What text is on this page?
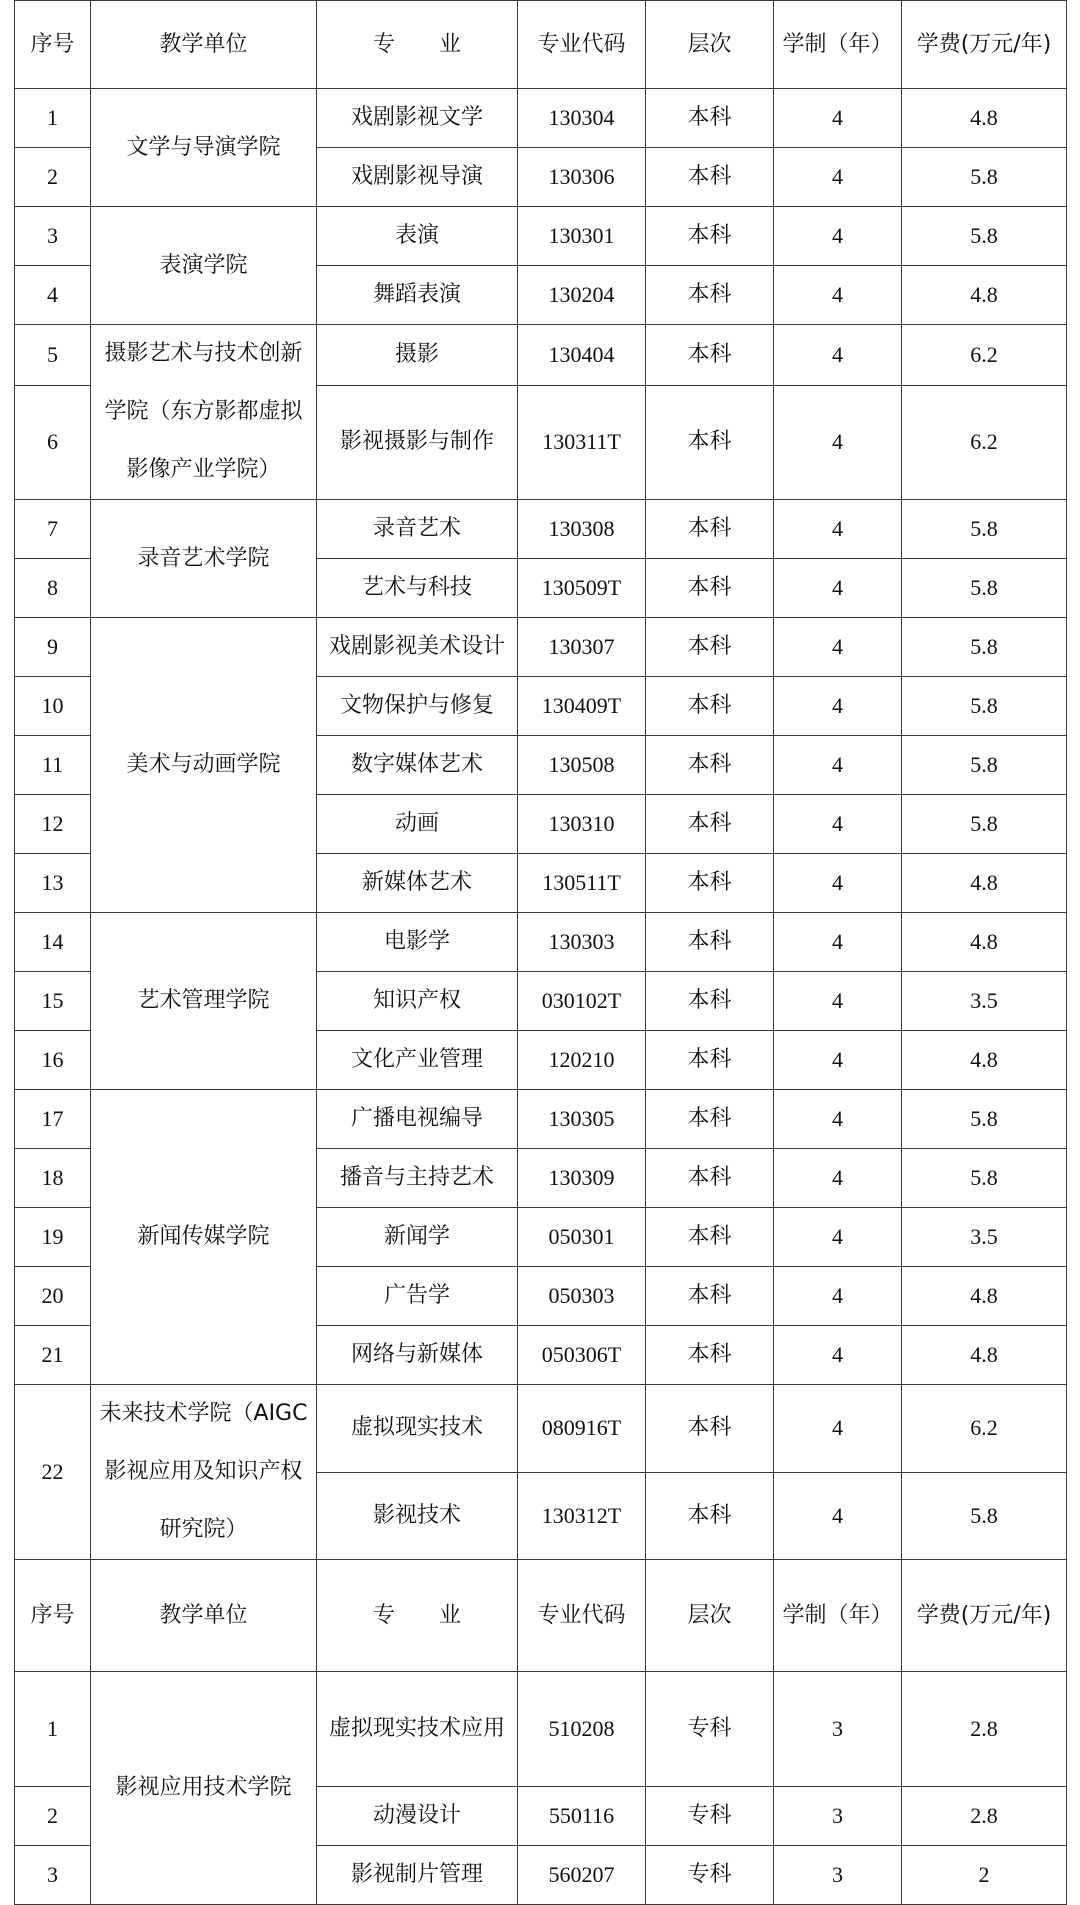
序号	教学单位	专　　业	专业代码	层次	学制（年）	学费(万元/年)
1	文学与导演学院	戏剧影视文学	130304	本科	4	4.8
2		戏剧影视导演	130306	本科	4	5.8
3	表演学院	表演	130301	本科	4	5.8
4		舞蹈表演	130204	本科	4	4.8
5	摄影艺术与技术创新学院（东方影都虚拟影像产业学院）	摄影	130404	本科	4	6.2
6		影视摄影与制作	130311T	本科	4	6.2
7	录音艺术学院	录音艺术	130308	本科	4	5.8
8		艺术与科技	130509T	本科	4	5.8
9	美术与动画学院	戏剧影视美术设计	130307	本科	4	5.8
10		文物保护与修复	130409T	本科	4	5.8
11		数字媒体艺术	130508	本科	4	5.8
12		动画	130310	本科	4	5.8
13		新媒体艺术	130511T	本科	4	4.8
14	艺术管理学院	电影学	130303	本科	4	4.8
15		知识产权	030102T	本科	4	3.5
16		文化产业管理	120210	本科	4	4.8
17	新闻传媒学院	广播电视编导	130305	本科	4	5.8
18		播音与主持艺术	130309	本科	4	5.8
19		新闻学	050301	本科	4	3.5
20		广告学	050303	本科	4	4.8
21		网络与新媒体	050306T	本科	4	4.8
22	未来技术学院（AIGC影视应用及知识产权研究院）	虚拟现实技术	080916T	本科	4	6.2
		影视技术	130312T	本科	4	5.8
序号	教学单位	专　　业	专业代码	层次	学制（年）	学费(万元/年)
1	影视应用技术学院	虚拟现实技术应用	510208	专科	3	2.8
2		动漫设计	550116	专科	3	2.8
3		影视制片管理	560207	专科	3	2
